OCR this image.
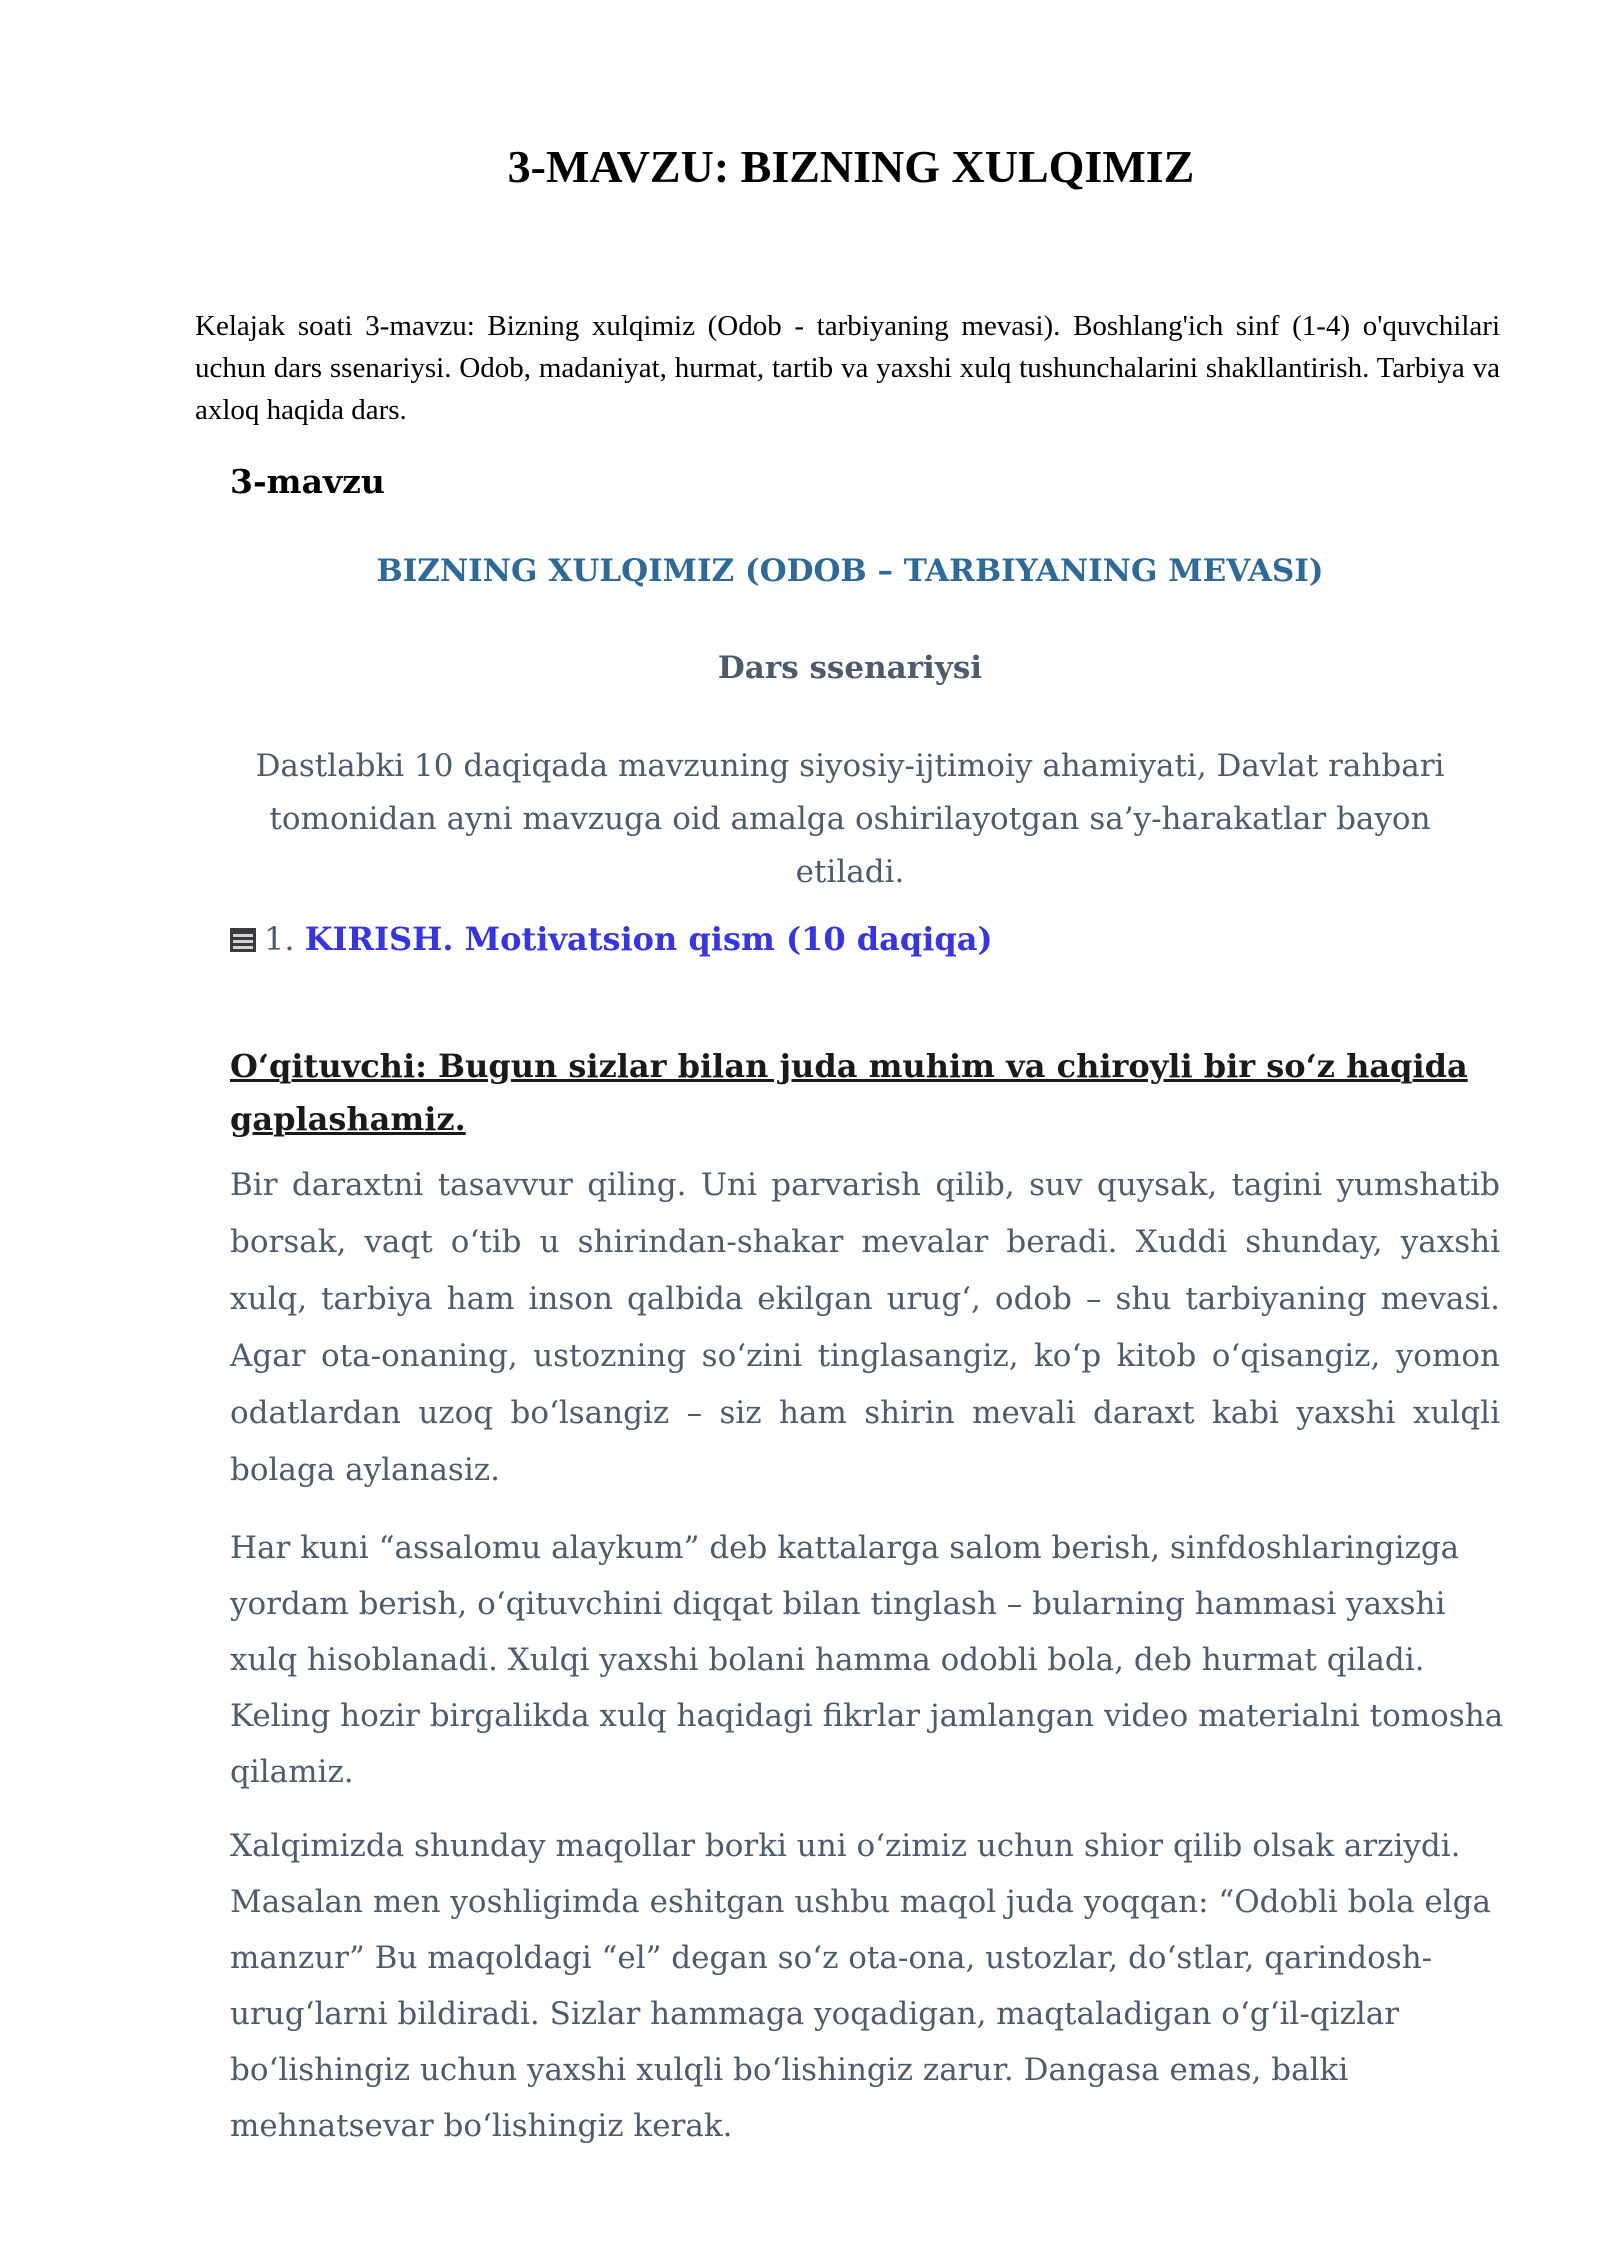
3-MAVZU: BIZNING XULQIMIZ

Kelajak soati 3-mavzu: Bizning xulqimiz (Odob - tarbiyaning mevasi). Boshlang'ich sinf (1-4) o'quvchilari uchun dars ssenariysi. Odob, madaniyat, hurmat, tartib va yaxshi xulq tushunchalarini shakllantirish. Tarbiya va axloq haqida dars.

3-mavzu
BIZNING XULQIMIZ (ODOB – TARBIYANING MEVASI)
Dars ssenariysi

Dastlabki 10 daqiqada mavzuning siyosiy-ijtimoiy ahamiyati, Davlat rahbari tomonidan ayni mavzuga oid amalga oshirilayotgan sa’y-harakatlar bayon etiladi.

1. KIRISH. Motivatsion qism (10 daqiqa)

O‘qituvchi: Bugun sizlar bilan juda muhim va chiroyli bir so‘z haqida gaplashamiz.

Bir daraxtni tasavvur qiling. Uni parvarish qilib, suv quysak, tagini yumshatib borsak, vaqt o‘tib u shirindan-shakar mevalar beradi. Xuddi shunday, yaxshi xulq, tarbiya ham inson qalbida ekilgan urug‘, odob – shu tarbiyaning mevasi. Agar ota-onaning, ustozning so‘zini tinglasangiz, ko‘p kitob o‘qisangiz, yomon odatlardan uzoq bo‘lsangiz – siz ham shirin mevali daraxt kabi yaxshi xulqli bolaga aylanasiz.

Har kuni “assalomu alaykum” deb kattalarga salom berish, sinfdoshlaringizga yordam berish, o‘qituvchini diqqat bilan tinglash – bularning hammasi yaxshi xulq hisoblanadi. Xulqi yaxshi bolani hamma odobli bola, deb hurmat qiladi. Keling hozir birgalikda xulq haqidagi fikrlar jamlangan video materialni tomosha qilamiz.

Xalqimizda shunday maqollar borki uni o‘zimiz uchun shior qilib olsak arziydi. Masalan men yoshligimda eshitgan ushbu maqol juda yoqqan: “Odobli bola elga manzur” Bu maqoldagi “el” degan so‘z ota-ona, ustozlar, do‘stlar, qarindosh-urug‘larni bildiradi. Sizlar hammaga yoqadigan, maqtaladigan o‘g‘il-qizlar bo‘lishingiz uchun yaxshi xulqli bo‘lishingiz zarur. Dangasa emas, balki mehnatsevar bo‘lishingiz kerak.
